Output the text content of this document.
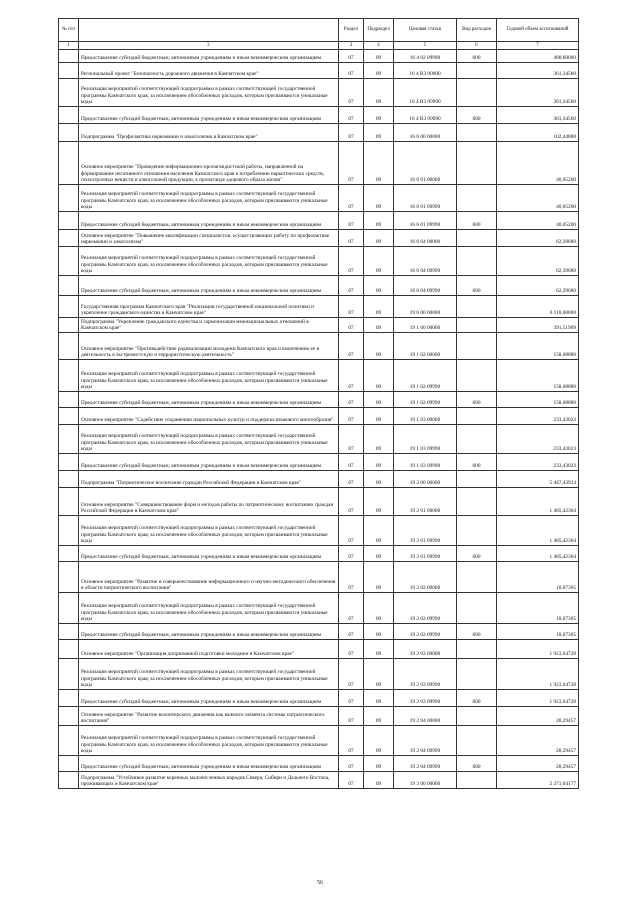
№ п/п		Раздел	Подраздел	Целевая статья	Вид расходов	Годовой объем ассигнований
1	2	3	4	5	6	7
	Предоставление субсидий бюджетным, автономным учреждениям и иным некоммерческим организациям	07	09	16 4 02 09990	600	488,60000
	Региональный проект "Безопасность дорожного движения в Камчатском крае"	07	09	16 4 R3 00000		361,34560
	Реализация мероприятий соответствующей подпрограммы в рамках соответствующей государственной программы Камчатского края, за исключением обособленных расходов, которым присваиваются уникальные коды	07	09	16 4 R3 09990		361,34560
	Предоставление субсидий бюджетным, автономным учреждениям и иным некоммерческим организациям	07	09	16 4 R3 09990	600	361,34560
	Подпрограмма "Профилактика наркомании и алкоголизма в Камчатском крае"	07	09	16 6 00 00000		102,44880
	Основное мероприятие "Проведение информационно-пропагандистской работы, направленной на формирование негативного отношения населения Камчатского края к потреблению наркотических средств, психотропных веществ и алкогольной продукции, к пропаганде здорового образа жизни"	07	09	16 6 01 00000		40,05200
	Реализация мероприятий соответствующей подпрограммы в рамках соответствующей государственной программы Камчатского края, за исключением обособленных расходов, которым присваиваются уникальные коды	07	09	16 6 01 09990		40,05200
	Предоставление субсидий бюджетным, автономным учреждениям и иным некоммерческим организациям	07	09	16 6 01 09990	600	40,05200
	Основное мероприятие "Повышение квалификации специалистов, осуществляющих работу по профилактике наркомании и алкоголизма"	07	09	16 6 04 00000		62,39680
	Реализация мероприятий соответствующей подпрограммы в рамках соответствующей государственной программы Камчатского края, за исключением обособленных расходов, которым присваиваются уникальные коды	07	09	16 6 04 09990		62,39680
	Предоставление субсидий бюджетным, автономным учреждениям и иным некоммерческим организациям	07	09	16 6 04 09990	600	62,39680
	Государственная программа Камчатского края "Реализация государственной национальной политики и укрепление гражданского единства в Камчатском крае"	07	09	19 0 00 00000		6 110,00000
	Подпрограмма "Укрепление гражданского единства и гармонизация межнациональных отношений в Камчатском крае"	07	09	19 1 00 00000		391,51909
	Основное мероприятие "Противодействие радикализации молодежи Камчатского края и вовлечению ее в деятельность в экстремистскую и террористическую деятельность"	07	09	19 1 02 00000		158,08886
	Реализация мероприятий соответствующей подпрограммы в рамках соответствующей государственной программы Камчатского края, за исключением обособленных расходов, которым присваиваются уникальные коды	07	09	19 1 02 09990		158,08886
	Предоставление субсидий бюджетным, автономным учреждениям и иным некоммерческим организациям	07	09	19 1 02 09990	600	158,08886
	Основное мероприятие "Содействие сохранению национальных культур и поддержка языкового многообразия"	07	09	19 1 03 00000		233,43023
	Реализация мероприятий соответствующей подпрограммы в рамках соответствующей государственной программы Камчатского края, за исключением обособленных расходов, которым присваиваются уникальные коды	07	09	19 1 03 09990		233,43023
	Предоставление субсидий бюджетным, автономным учреждениям и иным некоммерческим организациям	07	09	19 1 03 09990	600	233,43023
	Подпрограмма "Патриотическое воспитание граждан Российской Федерации в Камчатском крае"	07	09	19 2 00 00000		5 447,43914
	Основное мероприятие "Совершенствование форм и методов работы по патриотическому воспитанию граждан Российской Федерации в Камчатском крае"	07	09	19 2 01 00000		1 485,42364
	Реализация мероприятий соответствующей подпрограммы в рамках соответствующей государственной программы Камчатского края, за исключением обособленных расходов, которым присваиваются уникальные коды	07	09	19 2 01 09990		1 485,42364
	Предоставление субсидий бюджетным, автономным учреждениям и иным некоммерческим организациям	07	09	19 2 01 09990	600	1 485,42364
	Основное мероприятие "Развитие и совершенствование информационного и научно-методического обеспечения в области патриотического воспитания"	07	09	19 2 02 00000		10,07365
	Реализация мероприятий соответствующей подпрограммы в рамках соответствующей государственной программы Камчатского края, за исключением обособленных расходов, которым присваиваются уникальные коды	07	09	19 2 02 09990		10,07365
	Предоставление субсидий бюджетным, автономным учреждениям и иным некоммерческим организациям	07	09	19 2 02 09990	600	10,07365
	Основное мероприятие "Организация допризывной подготовки молодежи в Камчатском крае"	07	09	19 2 03 00000		1 923,64728
	Реализация мероприятий соответствующей подпрограммы в рамках соответствующей государственной программы Камчатского края, за исключением обособленных расходов, которым присваиваются уникальные коды	07	09	19 2 03 09990		1 923,64728
	Предоставление субсидий бюджетным, автономным учреждениям и иным некоммерческим организациям	07	09	19 2 03 09990	600	1 923,64728
	Основное мероприятие "Развитие волонтерского движения как важного элемента системы патриотического воспитания"	07	09	19 2 04 00000		28,29457
	Реализация мероприятий соответствующей подпрограммы в рамках соответствующей государственной программы Камчатского края, за исключением обособленных расходов, которым присваиваются уникальные коды	07	09	19 2 04 09990		28,29457
	Предоставление субсидий бюджетным, автономным учреждениям и иным некоммерческим организациям	07	09	19 2 04 09990	600	28,29457
	Подпрограмма "Устойчивое развитие коренных малочисленных народов Севера, Сибири и Дальнего Востока, проживающих в Камчатском крае"	07	09	19 3 00 00000		2 271,04177
56
